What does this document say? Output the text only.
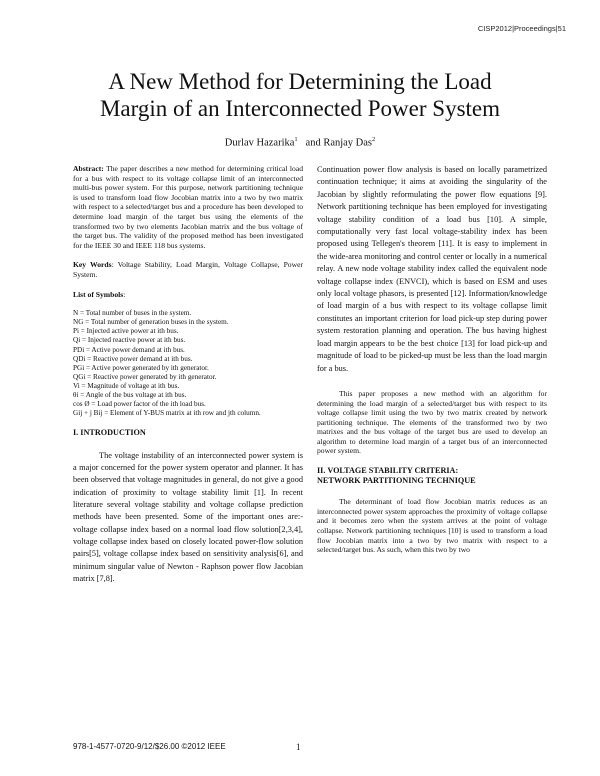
CISP2012|Proceedings|51
A New Method for Determining the Load
Margin of an Interconnected Power System
Durlav Hazarika$^1$ and Ranjay Das$^2$

Abstract: The paper describes a new method for determining critical load for a bus with respect to its voltage collapse limit of an interconnected multi-bus power system. For this purpose, network partitioning technique is used to transform load flow Jocobian matrix into a two by two matrix with respect to a selected/target bus and a procedure has been developed to determine load margin of the target bus using the elements of the transformed two by two elements Jacobian matrix and the bus voltage of the target bus. The validity of the proposed method has been investigated for the IEEE 30 and IEEE 118 bus systems.

Key Words: Voltage Stability, Load Margin, Voltage Collapse, Power System.

List of Symbols:

N = Total number of buses in the system.
NG = Total number of generation buses in the system.
Pi = Injected active power at ith bus.
Qi = Injected reactive power at ith bus.
PDi = Active power demand at ith bus.
QDi = Reactive power demand at ith bus.
PGi = Active power generated by ith generator.
QGi = Reactive power generated by ith generator.
Vi = Magnitude of voltage at ith bus.
θi = Angle of the bus voltage at ith bus.
cos Ø = Load power factor of the ith load bus.
Gij + j Bij = Element of Y-BUS matrix at ith row and jth column.

I. INTRODUCTION

The voltage instability of an interconnected power system is a major concerned for the power system operator and planner. It has been observed that voltage magnitudes in general, do not give a good indication of proximity to voltage stability limit [1]. In recent literature several voltage stability and voltage collapse prediction methods have been presented. Some of the important ones are:- voltage collapse index based on a normal load flow solution[2,3,4], voltage collapse index based on closely located power-flow solution pairs[5], voltage collapse index based on sensitivity analysis[6], and minimum singular value of Newton - Raphson power flow Jacobian matrix [7,8].

Continuation power flow analysis is based on locally parametrized continuation technique; it aims at avoiding the singularity of the Jacobian by slightly reformulating the power flow equations [9]. Network partitioning technique has been employed for investigating voltage stability condition of a load bus [10]. A simple, computationally very fast local voltage-stability index has been proposed using Tellegen's theorem [11]. It is easy to implement in the wide-area monitoring and control center or locally in a numerical relay. A new node voltage stability index called the equivalent node voltage collapse index (ENVCI), which is based on ESM and uses only local voltage phasors, is presented [12]. Information/knowledge of load margin of a bus with respect to its voltage collapse limit constitutes an important criterion for load pick-up step during power system restoration planning and operation. The bus having highest load margin appears to be the best choice [13] for load pick-up and magnitude of load to be picked-up must be less than the load margin for a bus.

This paper proposes a new method with an algorithm for determining the load margin of a selected/target bus with respect to its voltage collapse limit using the two by two matrix created by network partitioning technique. The elements of the transformed two by two matrixes and the bus voltage of the target bus are used to develop an algorithm to determine load margin of a target bus of an interconnected power system.

II. VOLTAGE STABILITY CRITERIA:
NETWORK PARTITIONING TECHNIQUE

The determinant of load flow Jocobian matrix reduces as an interconnected power system approaches the proximity of voltage collapse and it becomes zero when the system arrives at the point of voltage collapse. Network partitioning techniques [10] is used to transform a load flow Jocobian matrix into a two by two matrix with respect to a selected/target bus. As such, when this two by two

978-1-4577-0720-9/12/$26.00 ©2012 IEEE	1
